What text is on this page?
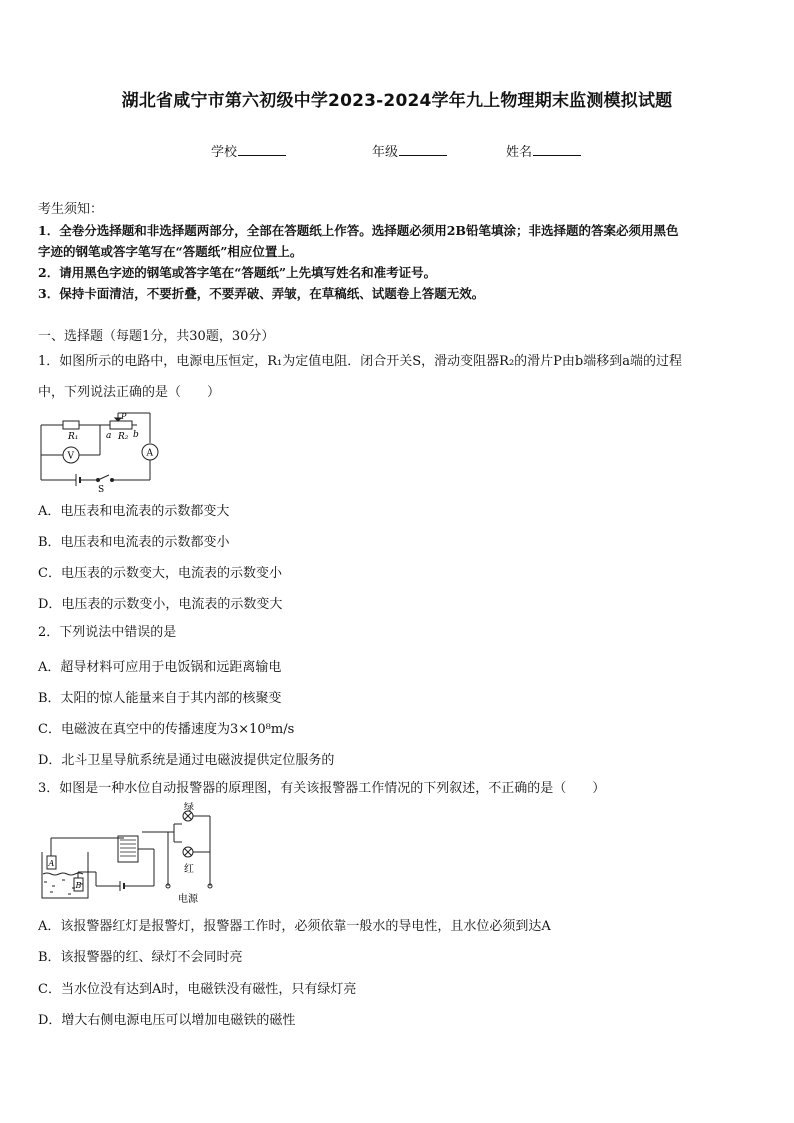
湖北省咸宁市第六初级中学2023-2024学年九上物理期末监测模拟试题
学校	年级	姓名
考生须知：
1．全卷分选择题和非选择题两部分，全部在答题纸上作答。选择题必须用2B铅笔填涂；非选择题的答案必须用黑色
字迹的钢笔或答字笔写在“答题纸”相应位置上。
2．请用黑色字迹的钢笔或答字笔在“答题纸”上先填写姓名和准考证号。
3．保持卡面清洁，不要折叠，不要弄破、弄皱，在草稿纸、试题卷上答题无效。
一、选择题（每题1分，共30题，30分）
1．如图所示的电路中，电源电压恒定，R₁为定值电阻．闭合开关S，滑动变阻器R₂的滑片P由b端移到a端的过程
中，下列说法正确的是（　　）
R₁	R₂
P
a b
V	A
S
A．电压表和电流表的示数都变大
B．电压表和电流表的示数都变小
C．电压表的示数变大，电流表的示数变小
D．电压表的示数变小，电流表的示数变大
2．下列说法中错误的是
A．超导材料可应用于电饭锅和远距离输电
B．太阳的惊人能量来自于其内部的核聚变
C．电磁波在真空中的传播速度为3×10⁸m/s
D．北斗卫星导航系统是通过电磁波提供定位服务的
3．如图是一种水位自动报警器的原理图，有关该报警器工作情况的下列叙述，不正确的是（　　）
绿
红
电源
A
B
A．该报警器红灯是报警灯，报警器工作时，必须依靠一般水的导电性，且水位必须到达A
B．该报警器的红、绿灯不会同时亮
C．当水位没有达到A时，电磁铁没有磁性，只有绿灯亮
D．增大右侧电源电压可以增加电磁铁的磁性
